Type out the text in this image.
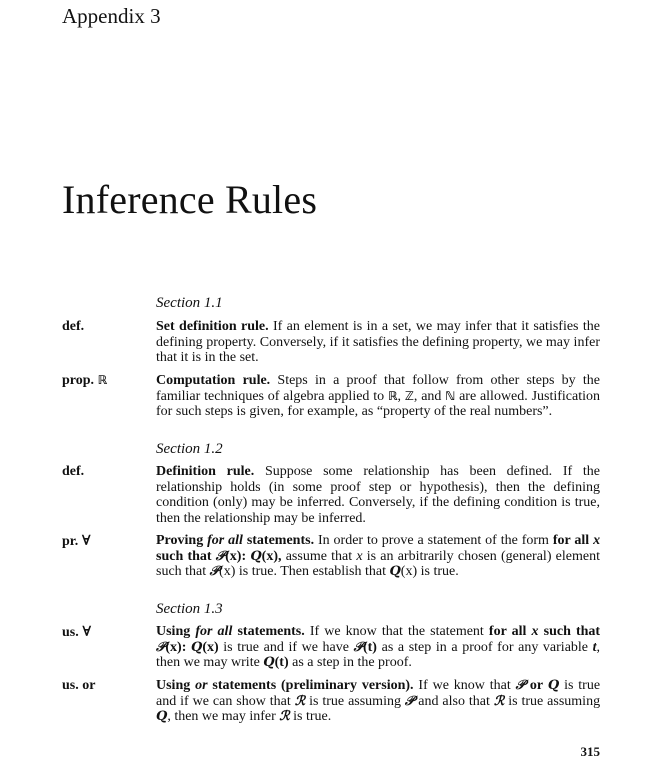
Appendix 3
Inference Rules
Section 1.1
def.	Set definition rule. If an element is in a set, we may infer that it satisfies the defining property. Conversely, if it satisfies the defining property, we may infer that it is in the set.
prop. ℝ	Computation rule. Steps in a proof that follow from other steps by the familiar techniques of algebra applied to ℝ, ℤ, and ℕ are allowed. Justification for such steps is given, for example, as “property of the real numbers”.
Section 1.2
def.	Definition rule. Suppose some relationship has been defined. If the relationship holds (in some proof step or hypothesis), then the defining condition (only) may be inferred. Conversely, if the defining condition is true, then the relationship may be inferred.
pr. ∀	Proving for all statements. In order to prove a statement of the form for all x such that 𝒫(x): Q(x), assume that x is an arbitrarily chosen (general) element such that 𝒫(x) is true. Then establish that Q(x) is true.
Section 1.3
us. ∀	Using for all statements. If we know that the statement for all x such that 𝒫(x): Q(x) is true and if we have 𝒫(t) as a step in a proof for any variable t, then we may write Q(t) as a step in the proof.
us. or	Using or statements (preliminary version). If we know that 𝒫 or Q is true and if we can show that ℛ is true assuming 𝒫 and also that ℛ is true assuming Q, then we may infer ℛ is true.
315
